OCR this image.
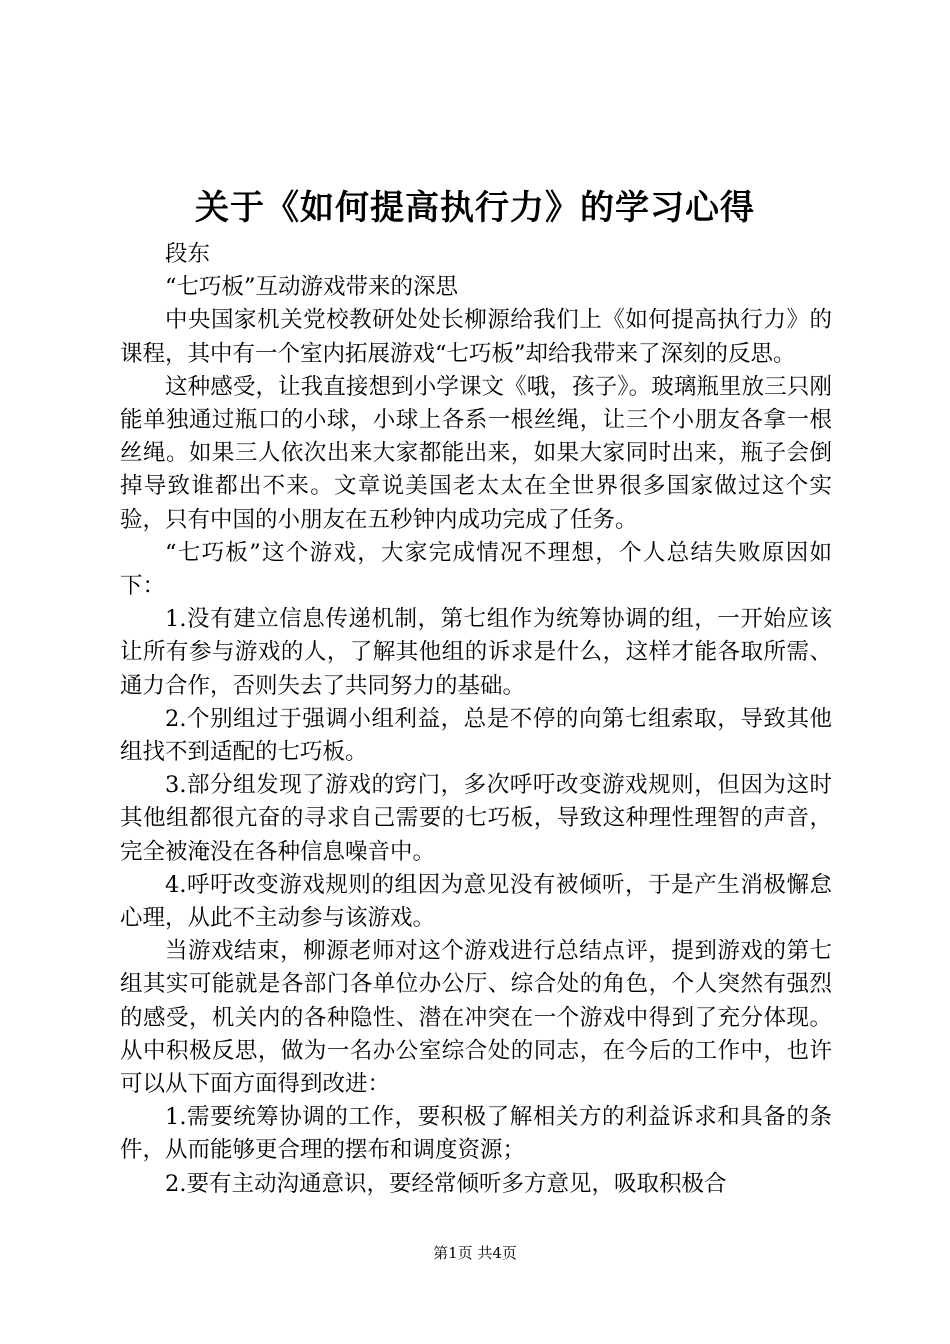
关于《如何提高执行力》的学习心得

段东

“七巧板”互动游戏带来的深思

中央国家机关党校教研处处长柳源给我们上《如何提高执行力》的课程，其中有一个室内拓展游戏“七巧板”却给我带来了深刻的反思。

这种感受，让我直接想到小学课文《哦，孩子》。玻璃瓶里放三只刚能单独通过瓶口的小球，小球上各系一根丝绳，让三个小朋友各拿一根丝绳。如果三人依次出来大家都能出来，如果大家同时出来，瓶子会倒掉导致谁都出不来。文章说美国老太太在全世界很多国家做过这个实验，只有中国的小朋友在五秒钟内成功完成了任务。

“七巧板”这个游戏，大家完成情况不理想，个人总结失败原因如下：

1.没有建立信息传递机制，第七组作为统筹协调的组，一开始应该让所有参与游戏的人，了解其他组的诉求是什么，这样才能各取所需、通力合作，否则失去了共同努力的基础。

2.个别组过于强调小组利益，总是不停的向第七组索取，导致其他组找不到适配的七巧板。

3.部分组发现了游戏的窍门，多次呼吁改变游戏规则，但因为这时其他组都很亢奋的寻求自己需要的七巧板，导致这种理性理智的声音，完全被淹没在各种信息噪音中。

4.呼吁改变游戏规则的组因为意见没有被倾听，于是产生消极懈怠心理，从此不主动参与该游戏。

当游戏结束，柳源老师对这个游戏进行总结点评，提到游戏的第七组其实可能就是各部门各单位办公厅、综合处的角色，个人突然有强烈的感受，机关内的各种隐性、潜在冲突在一个游戏中得到了充分体现。从中积极反思，做为一名办公室综合处的同志，在今后的工作中，也许可以从下面方面得到改进：

1.需要统筹协调的工作，要积极了解相关方的利益诉求和具备的条件，从而能够更合理的摆布和调度资源；

2.要有主动沟通意识，要经常倾听多方意见，吸取积极合

第1页 共4页
